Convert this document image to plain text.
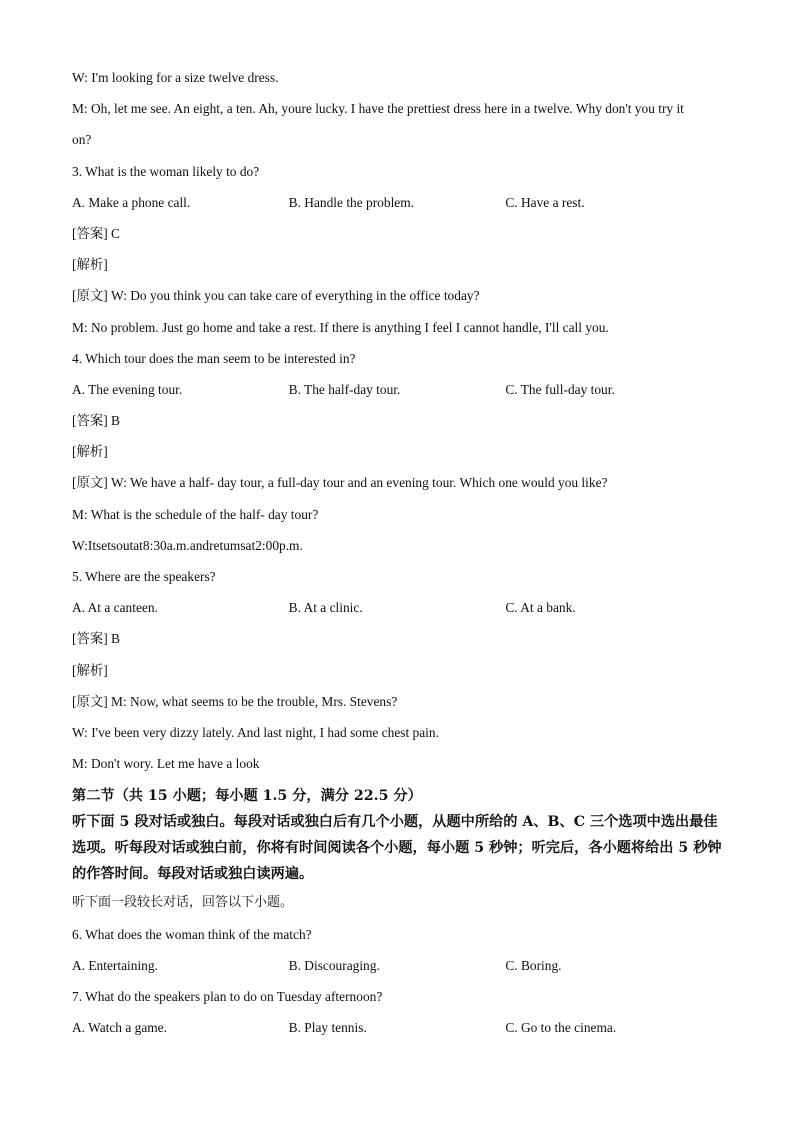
W: I'm looking for a size twelve dress.
M: Oh, let me see. An eight, a ten. Ah, youre lucky. I have the prettiest dress here in a twelve. Why don't you try it
on?
3. What is the woman likely to do?
A. Make a phone call.	B. Handle the problem.	C. Have a rest.
[答案] C
[解析]
[原文] W: Do you think you can take care of everything in the office today?
M: No problem. Just go home and take a rest. If there is anything I feel I cannot handle, I'll call you.
4. Which tour does the man seem to be interested in?
A. The evening tour.	B. The half-day tour.	C. The full-day tour.
[答案] B
[解析]
[原文] W: We have a half- day tour, a full-day tour and an evening tour. Which one would you like?
M: What is the schedule of the half- day tour?
W:Itsetsoutat8:30a.m.andretumsat2:00p.m.
5. Where are the speakers?
A. At a canteen.	B. At a clinic.	C. At a bank.
[答案] B
[解析]
[原文] M: Now, what seems to be the trouble, Mrs. Stevens?
W: I've been very dizzy lately. And last night, I had some chest pain.
M: Don't wory. Let me have a look
第二节（共 15 小题；每小题 1.5 分，满分 22.5 分）
听下面 5 段对话或独白。每段对话或独白后有几个小题，从题中所给的 A、B、C 三个选项中选出最佳选项。听每段对话或独白前，你将有时间阅读各个小题，每小题 5 秒钟；听完后，各小题将给出 5 秒钟的作答时间。每段对话或独白读两遍。
听下面一段较长对话，回答以下小题。
6. What does the woman think of the match?
A. Entertaining.	B. Discouraging.	C. Boring.
7. What do the speakers plan to do on Tuesday afternoon?
A. Watch a game.	B. Play tennis.	C. Go to the cinema.
